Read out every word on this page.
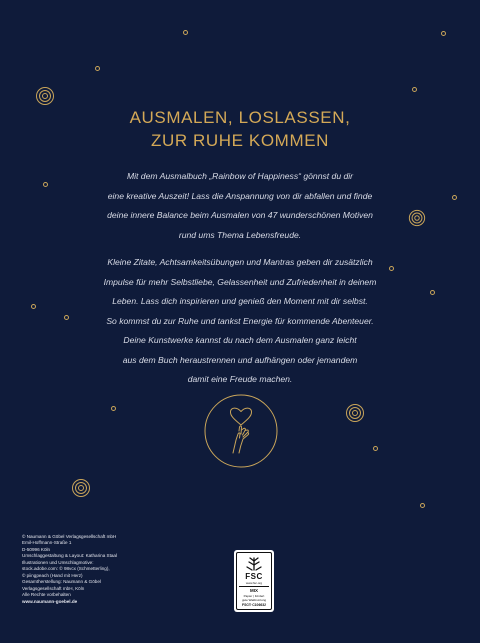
AUSMALEN, LOSLASSEN,
ZUR RUHE KOMMEN
Mit dem Ausmalbuch „Rainbow of Happiness“ gönnst du dir
eine kreative Auszeit! Lass die Anspannung von dir abfallen und finde
deine innere Balance beim Ausmalen von 47 wunderschönen Motiven
rund ums Thema Lebensfreude.
Kleine Zitate, Achtsamkeitsübungen und Mantras geben dir zusätzlich
Impulse für mehr Selbstliebe, Gelassenheit und Zufriedenheit in deinem
Leben. Lass dich inspirieren und genieß den Moment mit dir selbst.
So kommst du zur Ruhe und tankst Energie für kommende Abenteuer.
Deine Kunstwerke kannst du nach dem Ausmalen ganz leicht
aus dem Buch heraustrennen und aufhängen oder jemandem
damit eine Freude machen.
© Naumann & Göbel Verlagsgesellschaft mbH
Emil-Hoffmann-Straße 1
D-50996 Köln
Umschlaggestaltung & Layout: Katharina Staal
Illustrationen und Umschlagmotive:
stock.adobe.com: © 98vcx (Schmetterling),
© piingpeach (Hand mit Herz)
Gesamtherstellung: Naumann & Göbel
Verlagsgesellschaft mbH, Köln
Alle Rechte vorbehalten
www.naumann-goebel.de
FSC
www.fsc.org
MIX
Papier | Fördert
gute Waldnutzung
FSC® C106632
